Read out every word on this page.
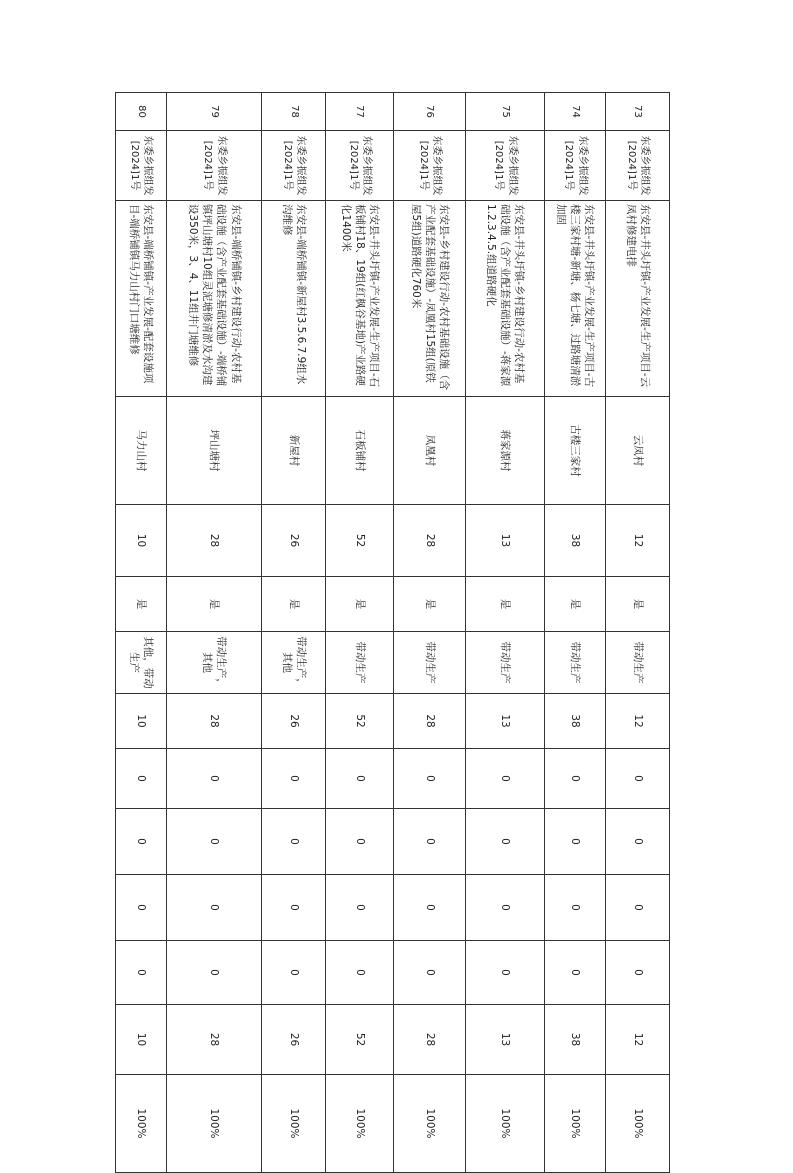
73	东委乡振组发[2024]1号	东安县-井头圩镇-产业发展-生产项目-云凤村修建电排	云凤村	12	是	带动生产	12	0	0	0	0	12	100%
74	东委乡振组发[2024]1号	东安县-井头圩镇-产业发展-生产项目-古楼三家村塘-新塘、杨七塘、过路塘清淤加固	古楼三家村	38	是	带动生产	38	0	0	0	0	38	100%
75	东委乡振组发[2024]1号	东安县-井头圩镇-乡村建设行动-农村基础设施（含产业配套基础设施）-蒋家源1.2.3.4.5.组道路硬化	蒋家源村	13	是	带动生产	13	0	0	0	0	13	100%
76	东委乡振组发[2024]1号	东安县-乡村建设行动-农村基础设施（含产业配套基础设施）-凤凰村15组(原铁屋5组)道路硬化760米	凤凰村	28	是	带动生产	28	0	0	0	0	28	100%
77	东委乡振组发[2024]1号	东安县-井头圩镇-产业发展-生产项目-石板铺村18、19组(红枫谷基地)产业路硬化1400米	石板铺村	52	是	带动生产	52	0	0	0	0	52	100%
78	东委乡振组发[2024]1号	东安县-端桥铺镇-新屋村3.5.6.7.9组水沟维修	新屋村	26	是	带动生产，其他	26	0	0	0	0	26	100%
79	东委乡振组发[2024]1号	东安县-端桥铺镇-乡村建设行动-农村基础设施（含产业配套基础设施）-端桥铺镇坪山塘村10组灵泥塘修清淤及水沟建设350米，3、4、11组井门塘维修	坪山塘村	28	是	带动生产，其他	28	0	0	0	0	28	100%
80	东委乡振组发[2024]1号	东安县-端桥铺镇-产业发展-配套设施项目-端桥铺镇马力山村门口塘维修	马力山村	10	是	其他，带动生产	10	0	0	0	0	10	100%
